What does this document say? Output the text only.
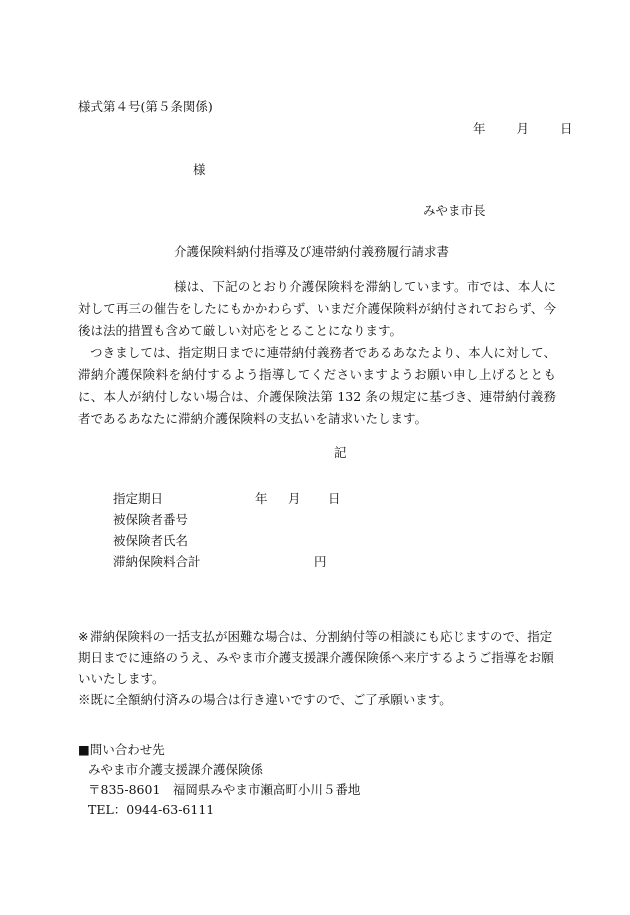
様式第４号(第５条関係)
年 月 日
様
みやま市長
介護保険料納付指導及び連帯納付義務履行請求書

様は、下記のとおり介護保険料を滞納しています。市では、本人に対して再三の催告をしたにもかかわらず、いまだ介護保険料が納付されておらず、今後は法的措置も含めて厳しい対応をとることになります。

つきましては、指定期日までに連帯納付義務者であるあなたより、本人に対して、滞納介護保険料を納付するよう指導してくださいますようお願い申し上げるとともに、本人が納付しない場合は、介護保険法第 132 条の規定に基づき、連帯納付義務者であるあなたに滞納介護保険料の支払いを請求いたします。

記
指定期日	年 月 日
被保険者番号
被保険者氏名
滞納保険料合計	円
※ 滞納保険料の一括支払が困難な場合は、分割納付等の相談にも応じますので、指定期日までに連絡のうえ、みやま市介護支援課介護保険係へ来庁するようご指導をお願いいたします。
※既に全額納付済みの場合は行き違いですので、ご了承願います。
■問い合わせ先
みやま市介護支援課介護保険係
〒835-8601　福岡県みやま市瀬高町小川５番地
TEL：0944-63-6111
